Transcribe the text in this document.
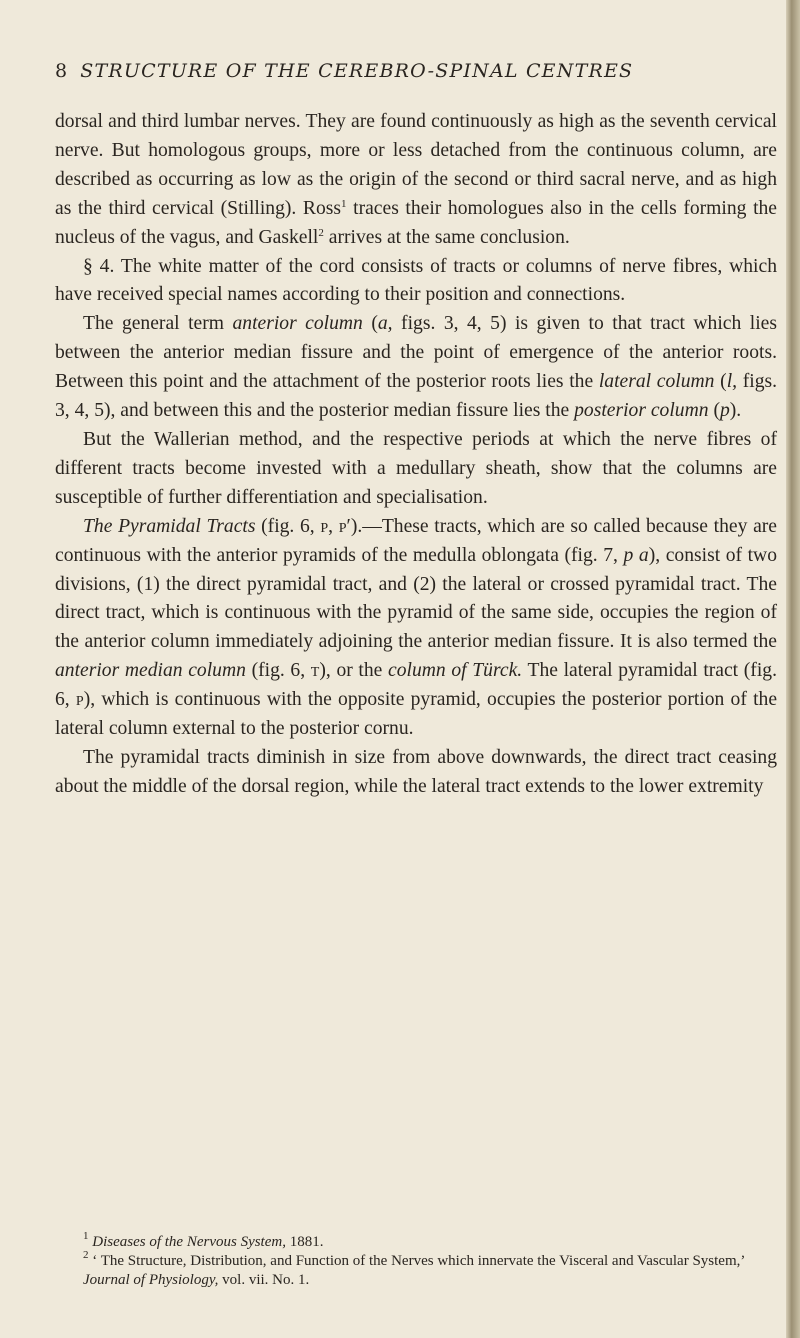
8 STRUCTURE OF THE CEREBRO-SPINAL CENTRES

dorsal and third lumbar nerves. They are found continuously as high as the seventh cervical nerve. But homologous groups, more or less detached from the continuous column, are described as occurring as low as the origin of the second or third sacral nerve, and as high as the third cervical (Stilling). Ross$^1$ traces their homologues also in the cells forming the nucleus of the vagus, and Gaskell$^2$ arrives at the same conclusion.

§ 4. The white matter of the cord consists of tracts or columns of nerve fibres, which have received special names according to their position and connections.

The general term anterior column (a, figs. 3, 4, 5) is given to that tract which lies between the anterior median fissure and the point of emergence of the anterior roots. Between this point and the attachment of the posterior roots lies the lateral column (l, figs. 3, 4, 5), and between this and the posterior median fissure lies the posterior column (p).

But the Wallerian method, and the respective periods at which the nerve fibres of different tracts become invested with a medullary sheath, show that the columns are susceptible of further differentiation and specialisation.

The Pyramidal Tracts (fig. 6, p, p′).—These tracts, which are so called because they are continuous with the anterior pyramids of the medulla oblongata (fig. 7, p a), consist of two divisions, (1) the direct pyramidal tract, and (2) the lateral or crossed pyramidal tract. The direct tract, which is continuous with the pyramid of the same side, occupies the region of the anterior column immediately adjoining the anterior median fissure. It is also termed the anterior median column (fig. 6, t), or the column of Türck. The lateral pyramidal tract (fig. 6, p), which is continuous with the opposite pyramid, occupies the posterior portion of the lateral column external to the posterior cornu.

The pyramidal tracts diminish in size from above downwards, the direct tract ceasing about the middle of the dorsal region, while the lateral tract extends to the lower extremity

$^1$ Diseases of the Nervous System, 1881.

$^2$ ‘ The Structure, Distribution, and Function of the Nerves which innervate the Visceral and Vascular System,’ Journal of Physiology, vol. vii. No. 1.
